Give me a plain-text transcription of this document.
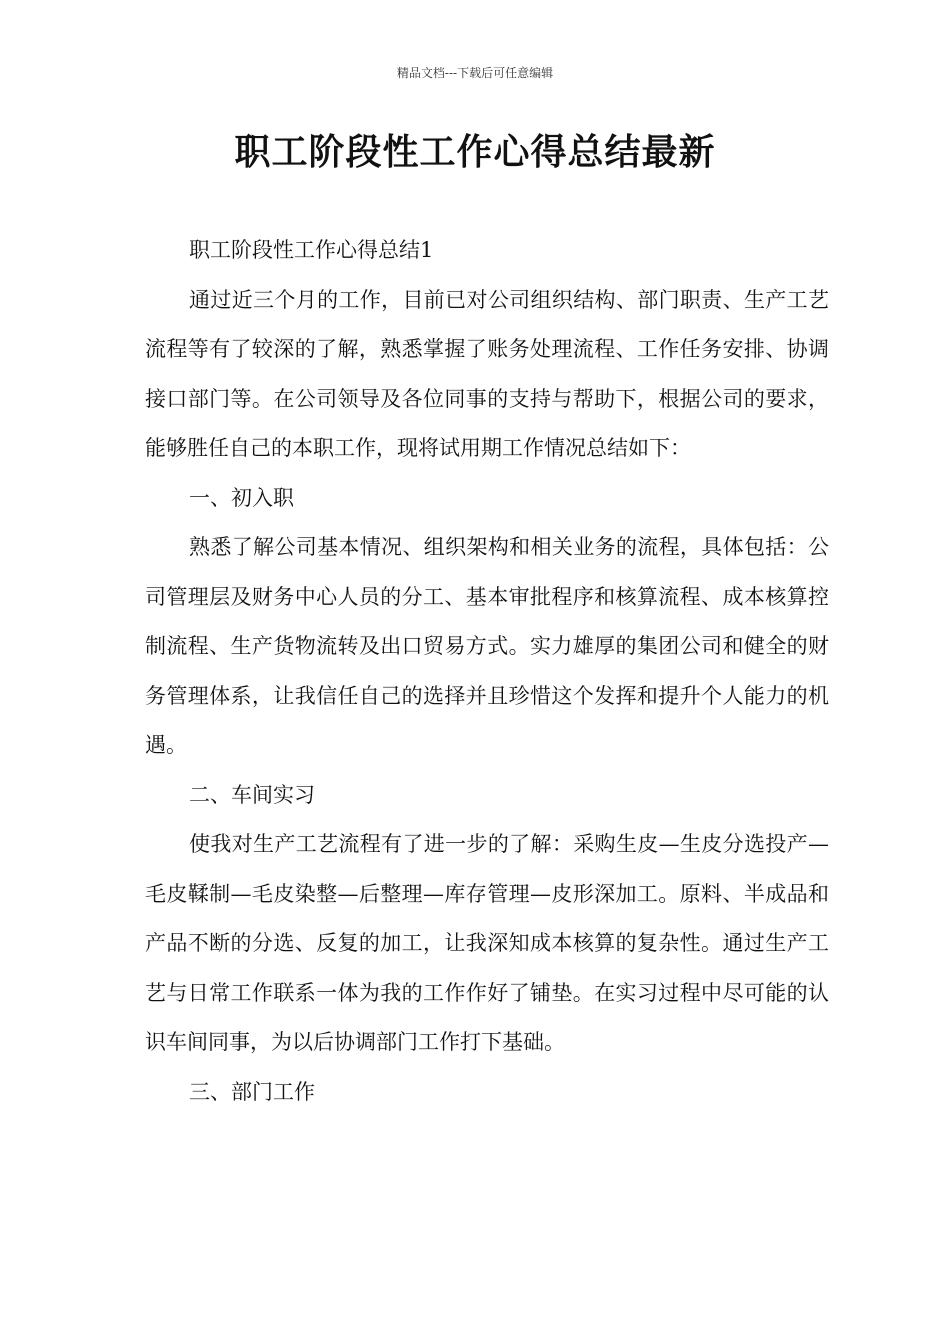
精品文档---下载后可任意编辑
职工阶段性工作心得总结最新

职工阶段性工作心得总结1

通过近三个月的工作，目前已对公司组织结构、部门职责、生产工艺流程等有了较深的了解，熟悉掌握了账务处理流程、工作任务安排、协调接口部门等。在公司领导及各位同事的支持与帮助下，根据公司的要求，能够胜任自己的本职工作，现将试用期工作情况总结如下：

一、初入职

熟悉了解公司基本情况、组织架构和相关业务的流程，具体包括：公司管理层及财务中心人员的分工、基本审批程序和核算流程、成本核算控制流程、生产货物流转及出口贸易方式。实力雄厚的集团公司和健全的财务管理体系，让我信任自己的选择并且珍惜这个发挥和提升个人能力的机遇。

二、车间实习

使我对生产工艺流程有了进一步的了解：采购生皮—生皮分选投产—毛皮鞣制—毛皮染整—后整理—库存管理—皮形深加工。原料、半成品和产品不断的分选、反复的加工，让我深知成本核算的复杂性。通过生产工艺与日常工作联系一体为我的工作作好了铺垫。在实习过程中尽可能的认识车间同事，为以后协调部门工作打下基础。

三、部门工作
